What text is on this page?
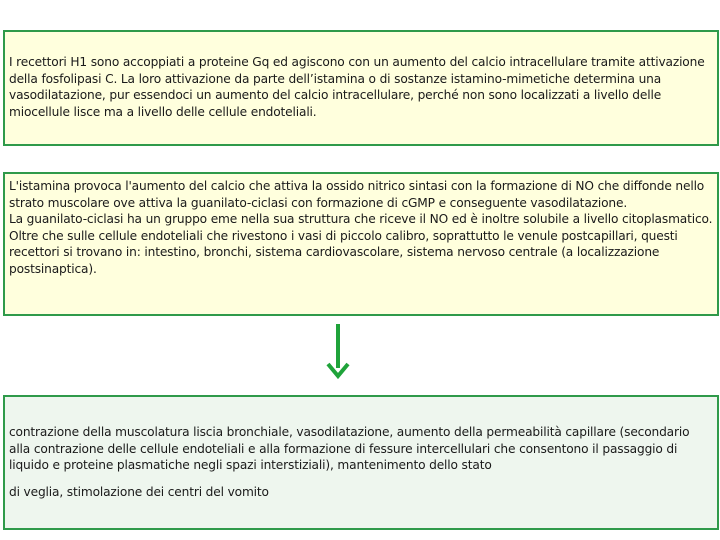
I recettori H1 sono accoppiati a proteine Gq ed agiscono con un aumento del calcio intracellulare tramite attivazione della fosfolipasi C. La loro attivazione da parte dell’istamina o di sostanze istamino-mimetiche determina una vasodilatazione, pur essendoci un aumento del calcio intracellulare, perché non sono localizzati a livello delle miocellule lisce ma a livello delle cellule endoteliali.

L'istamina provoca l'aumento del calcio che attiva la ossido nitrico sintasi con la formazione di NO che diffonde nello strato muscolare ove attiva la guanilato-ciclasi con formazione di cGMP e conseguente vasodilatazione.

La guanilato-ciclasi ha un gruppo eme nella sua struttura che riceve il NO ed è inoltre solubile a livello citoplasmatico.

Oltre che sulle cellule endoteliali che rivestono i vasi di piccolo calibro, soprattutto le venule postcapillari, questi recettori si trovano in: intestino, bronchi, sistema cardiovascolare, sistema nervoso centrale (a localizzazione postsinaptica).

contrazione della muscolatura liscia bronchiale, vasodilatazione, aumento della permeabilità capillare (secondario alla contrazione delle cellule endoteliali e alla formazione di fessure intercellulari che consentono il passaggio di liquido e proteine plasmatiche negli spazi interstiziali), mantenimento dello stato

di veglia, stimolazione dei centri del vomito
